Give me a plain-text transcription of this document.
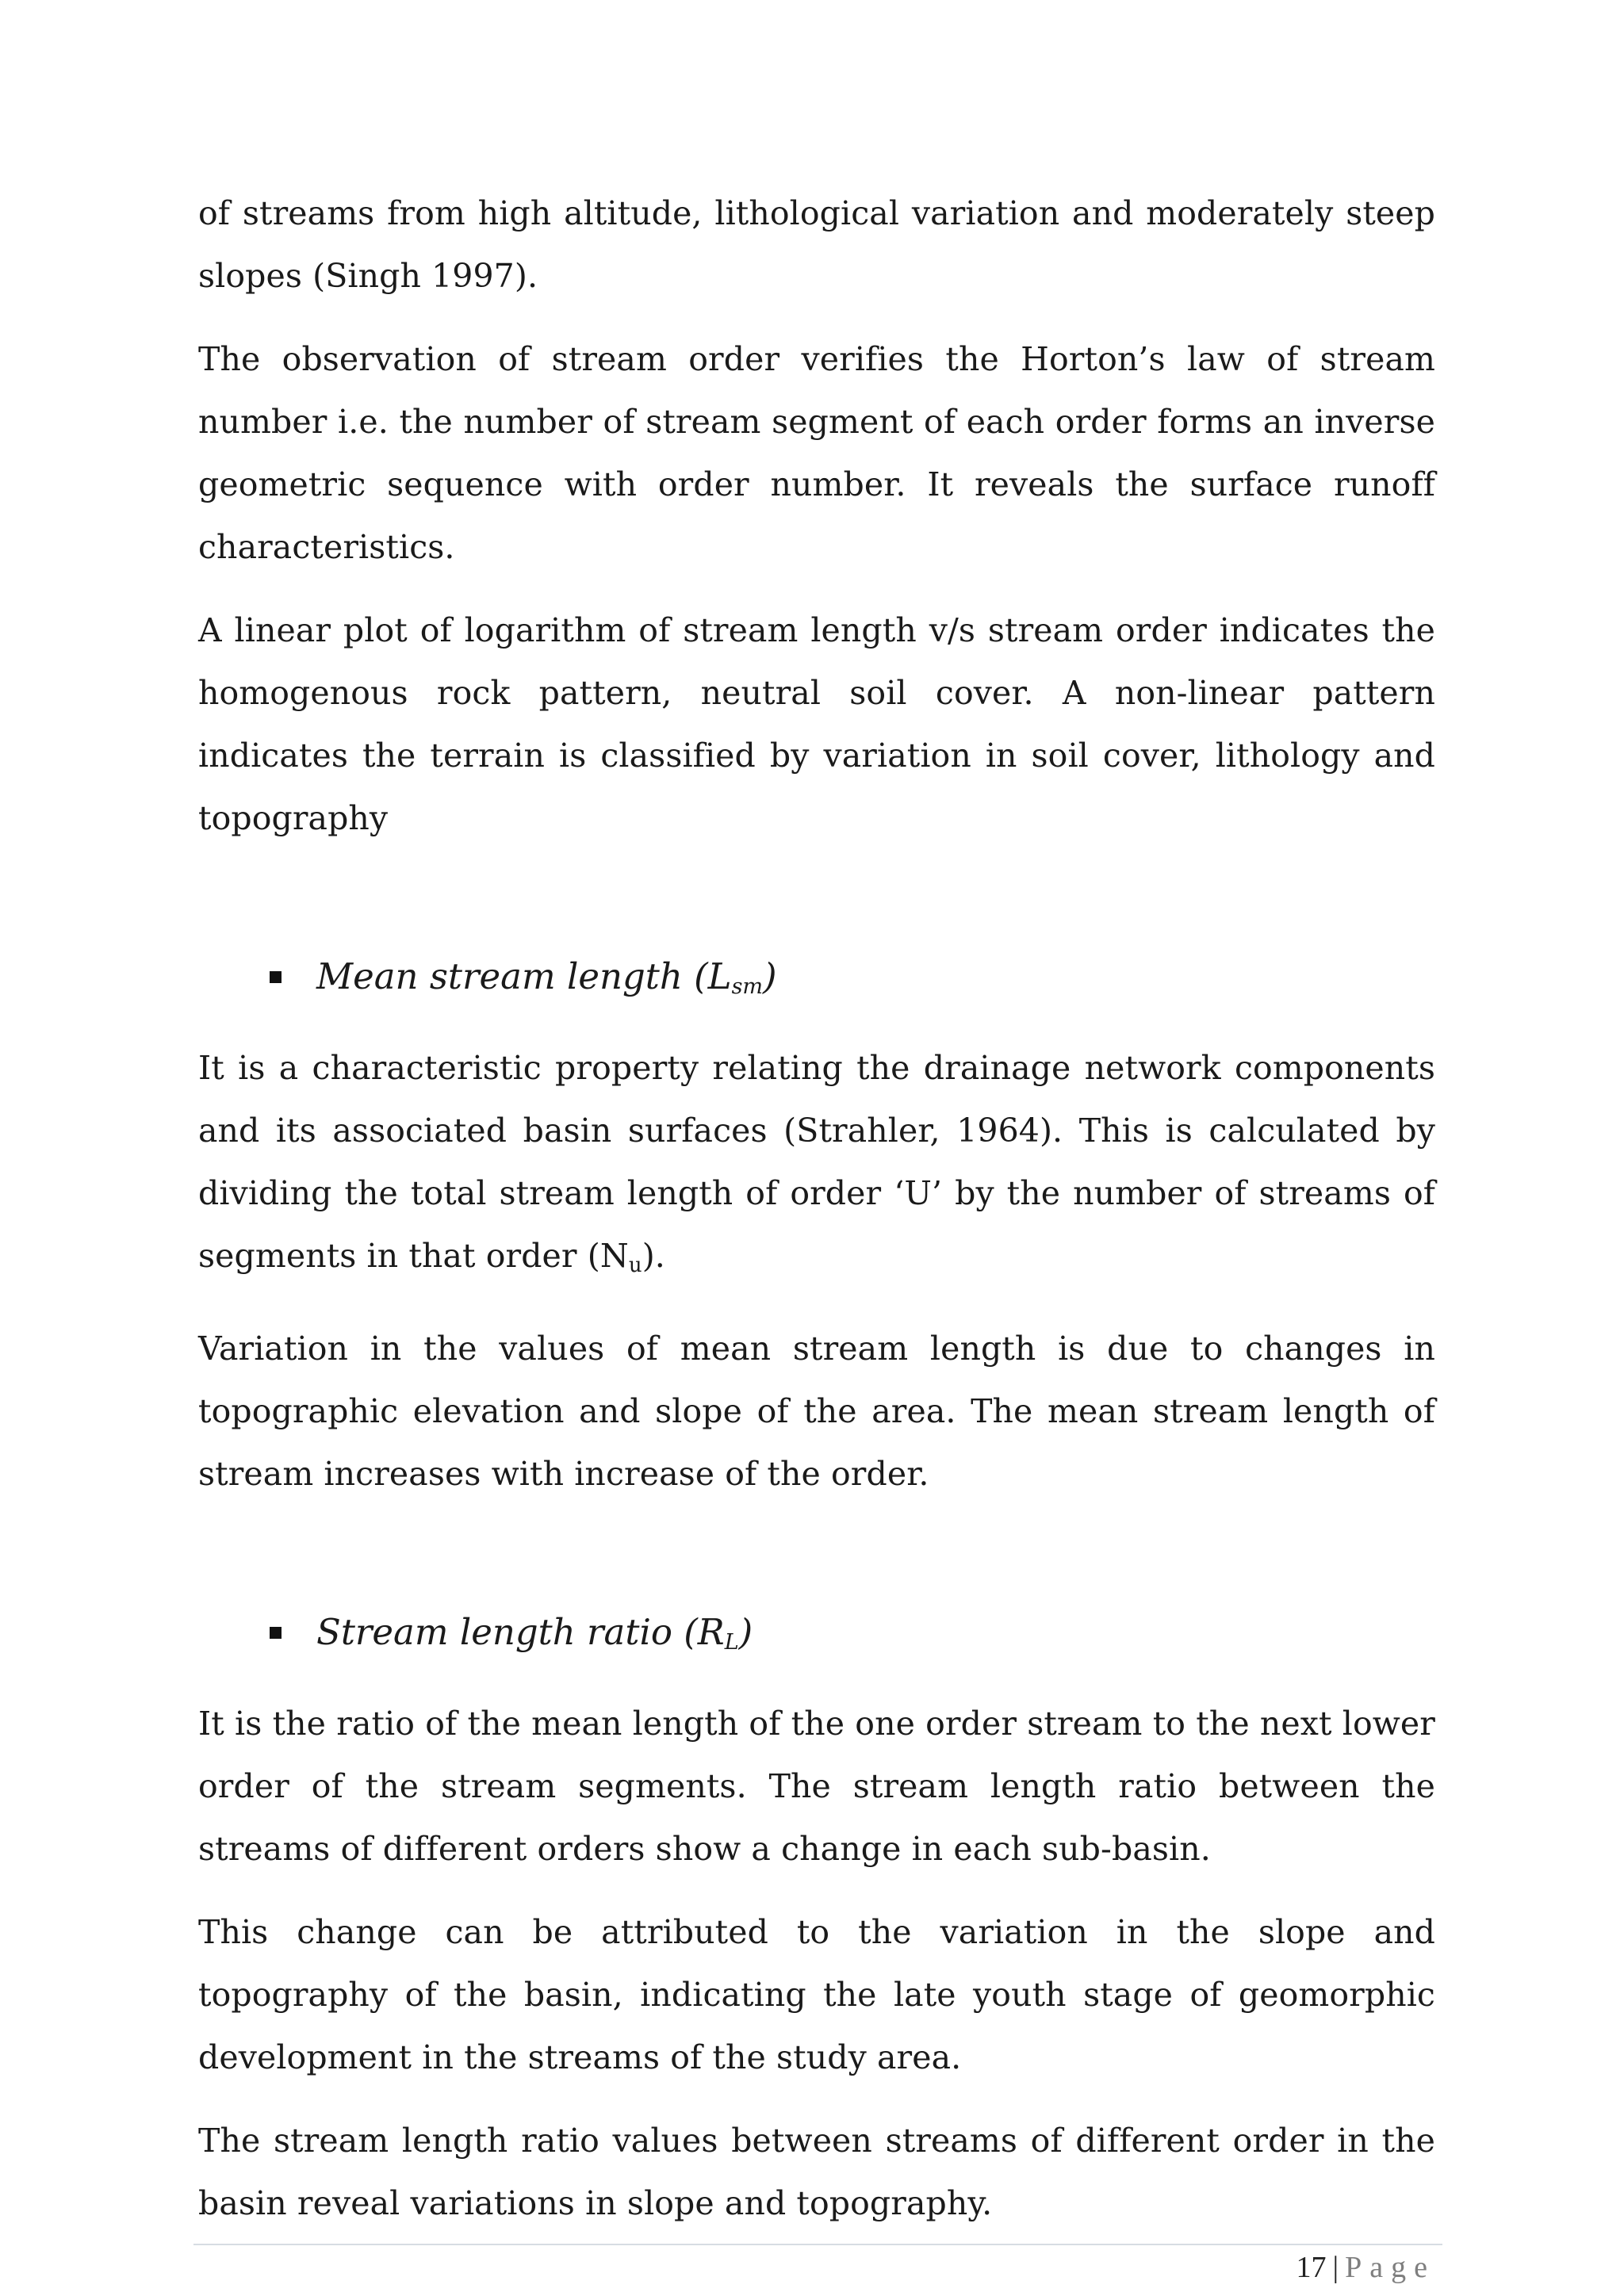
of streams from high altitude, lithological variation and moderately steep slopes (Singh 1997).

The observation of stream order verifies the Horton’s law of stream number i.e. the number of stream segment of each order forms an inverse geometric sequence with order number. It reveals the surface runoff characteristics.

A linear plot of logarithm of stream length v/s stream order indicates the homogenous rock pattern, neutral soil cover. A non-linear pattern indicates the terrain is classified by variation in soil cover, lithology and topography

Mean stream length $(L_{sm})$

It is a characteristic property relating the drainage network components and its associated basin surfaces (Strahler, 1964). This is calculated by dividing the total stream length of order ‘U’ by the number of streams of segments in that order $(N_u)$.

Variation in the values of mean stream length is due to changes in topographic elevation and slope of the area. The mean stream length of stream increases with increase of the order.

Stream length ratio $(R_L)$

It is the ratio of the mean length of the one order stream to the next lower order of the stream segments. The stream length ratio between the streams of different orders show a change in each sub-basin.

This change can be attributed to the variation in the slope and topography of the basin, indicating the late youth stage of geomorphic development in the streams of the study area.

The stream length ratio values between streams of different order in the basin reveal variations in slope and topography.

17 | Page
